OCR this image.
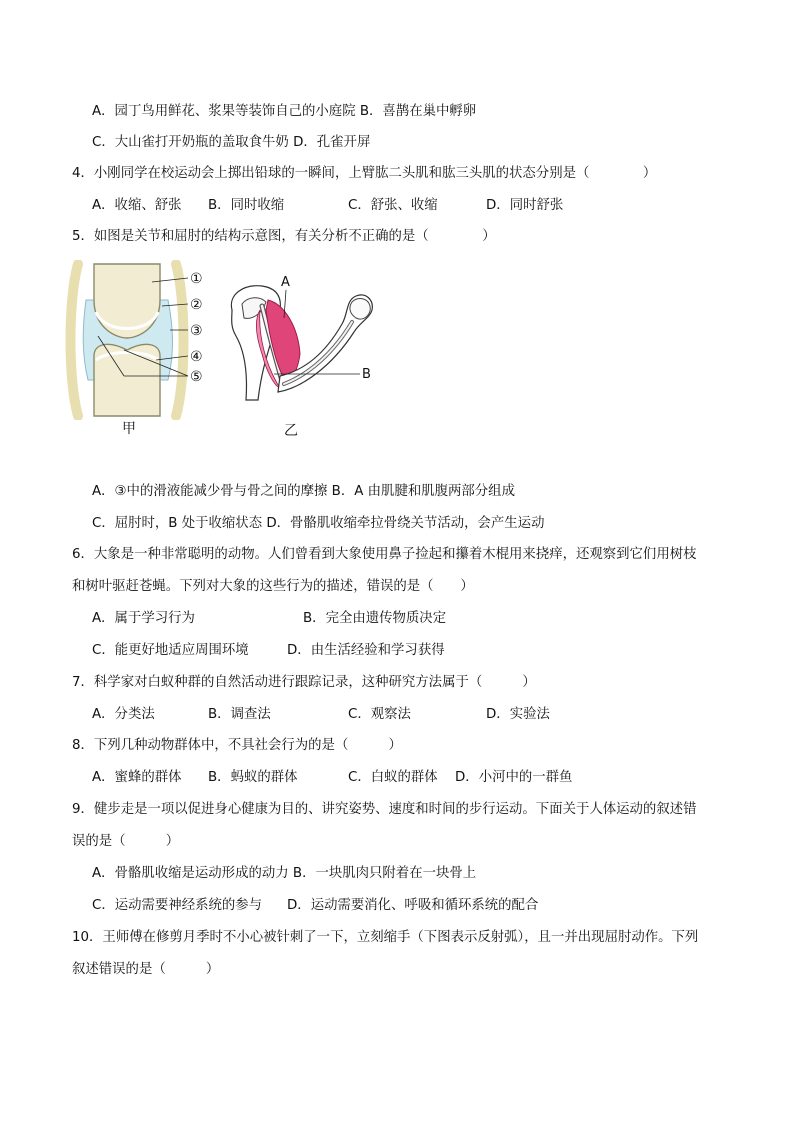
A．园丁鸟用鲜花、浆果等装饰自己的小庭院 B．喜鹊在巢中孵卵
C．大山雀打开奶瓶的盖取食牛奶 D．孔雀开屏
4．小刚同学在校运动会上掷出铅球的一瞬间，上臂肱二头肌和肱三头肌的状态分别是（　　　　）
A．收缩、舒张 B．同时收缩	C．舒张、收缩	D．同时舒张
5．如图是关节和屈肘的结构示意图，有关分析不正确的是（　　　　）
①
②
③
④
⑤
甲
A
B
乙
A．③中的滑液能减少骨与骨之间的摩擦 B．A 由肌腱和肌腹两部分组成
C．屈肘时，B 处于收缩状态 D．骨骼肌收缩牵拉骨绕关节活动，会产生运动
6．大象是一种非常聪明的动物。人们曾看到大象使用鼻子捡起和攥着木棍用来挠痒，还观察到它们用树枝
和树叶驱赶苍蝇。下列对大象的这些行为的描述，错误的是（　　）
A．属于学习行为	B．完全由遗传物质决定
C．能更好地适应周围环境	D．由生活经验和学习获得
7．科学家对白蚁种群的自然活动进行跟踪记录，这种研究方法属于（　　　）
A．分类法	B．调查法	C．观察法	D．实验法
8．下列几种动物群体中，不具社会行为的是（　　　）
A．蜜蜂的群体 B．蚂蚁的群体	C．白蚁的群体 D．小河中的一群鱼
9．健步走是一项以促进身心健康为目的、讲究姿势、速度和时间的步行运动。下面关于人体运动的叙述错
误的是（　　　）
A．骨骼肌收缩是运动形成的动力 B．一块肌肉只附着在一块骨上
C．运动需要神经系统的参与 D．运动需要消化、呼吸和循环系统的配合
10．王师傅在修剪月季时不小心被针刺了一下，立刻缩手（下图表示反射弧），且一并出现屈肘动作。下列
叙述错误的是（　　　）
